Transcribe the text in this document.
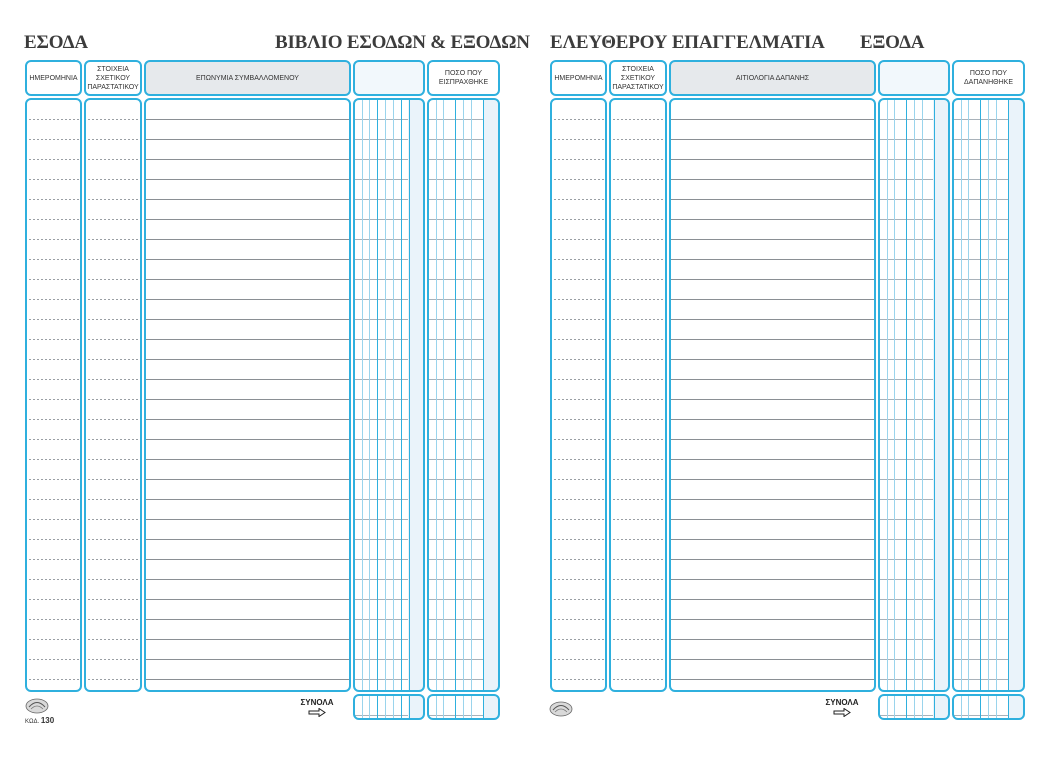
ΕΣΟΔΑ	ΒΙΒΛΙΟ ΕΣΟΔΩΝ & ΕΞΟΔΩΝ
ΗΜΕΡΟΜΗΝΙΑ
ΣΤΟΙΧΕΙΑ
ΣΧΕΤΙΚΟΥ
ΠΑΡΑΣΤΑΤΙΚΟΥ
ΕΠΩΝΥΜΙΑ ΣΥΜΒΑΛΛΟΜΕΝΟΥ
ΠΟΣΟ ΠΟΥ
ΕΙΣΠΡΑΧΘΗΚΕ
ΣΥΝΟΛΑ
ΚΩΔ. 130
ΕΛΕΥΘΕΡΟΥ ΕΠΑΓΓΕΛΜΑΤΙΑ ΕΞΟΔΑ
ΗΜΕΡΟΜΗΝΙΑ
ΣΤΟΙΧΕΙΑ
ΣΧΕΤΙΚΟΥ
ΠΑΡΑΣΤΑΤΙΚΟΥ
ΑΙΤΙΟΛΟΓΙΑ ΔΑΠΑΝΗΣ
ΠΟΣΟ ΠΟΥ
ΔΑΠΑΝΗΘΗΚΕ
ΣΥΝΟΛΑ
